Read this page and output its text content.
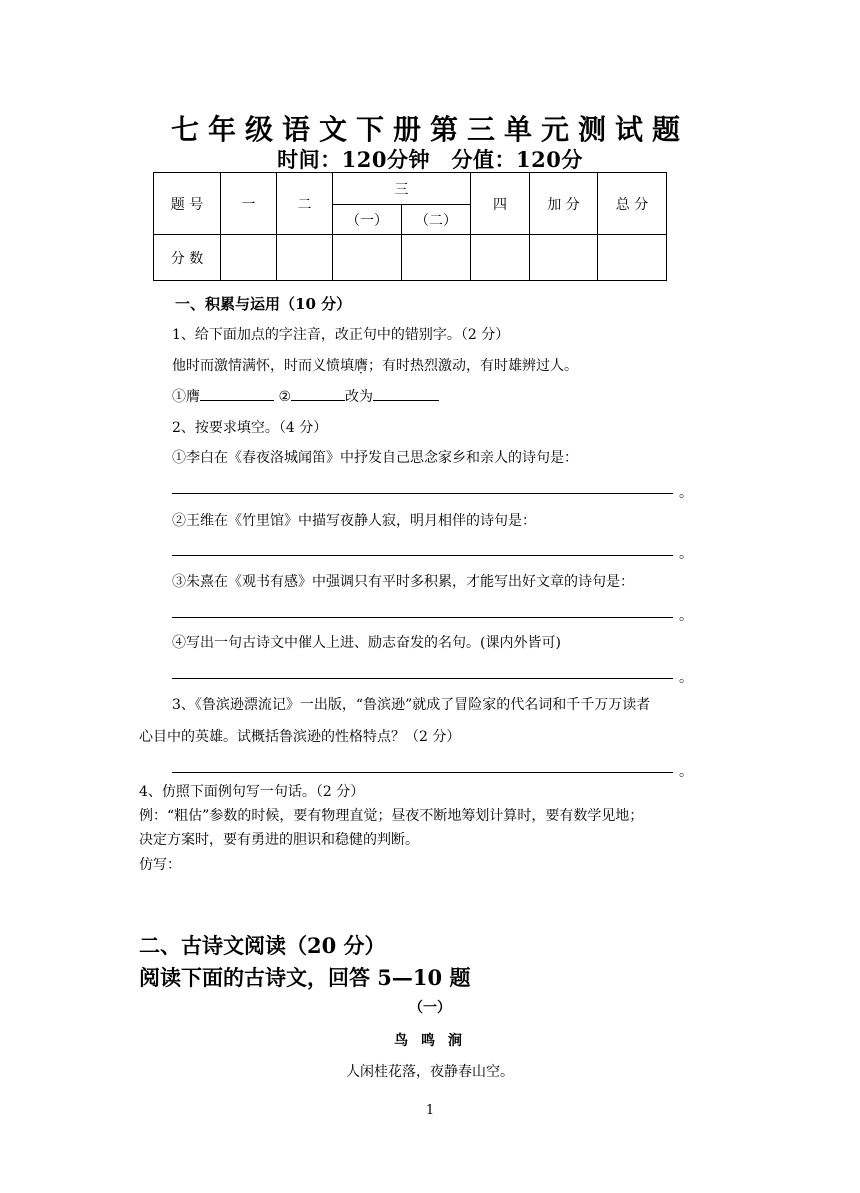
七年级语文下册第三单元测试题
时间：120分钟　分值：120分
题 号	一	二	三		四	加 分	总 分
			（一）	（二）			
分 数							
一、积累与运用（10 分）
1、给下面加点的字注音，改正句中的错别字。（2 分）
他时而激情满怀，时而义愤填膺；有时热烈激动，有时雄辨过人。
①膺	②	改为
2、按要求填空。（4 分）
①李白在《春夜洛城闻笛》中抒发自己思念家乡和亲人的诗句是：
。
②王维在《竹里馆》中描写夜静人寂，明月相伴的诗句是：
。
③朱熹在《观书有感》中强调只有平时多积累，才能写出好文章的诗句是：
。
④写出一句古诗文中催人上进、励志奋发的名句。(课内外皆可)
。
3、《鲁滨逊漂流记》一出版，“鲁滨逊”就成了冒险家的代名词和千千万万读者
心目中的英雄。试概括鲁滨逊的性格特点？（2 分）
。
4、仿照下面例句写一句话。（2 分）
例：“粗估”参数的时候，要有物理直觉；昼夜不断地筹划计算时，要有数学见地；
决定方案时，要有勇进的胆识和稳健的判断。
仿写：
二、古诗文阅读（20 分）
阅读下面的古诗文，回答 5—10 题
（一）
鸟 鸣 涧
人闲桂花落，夜静春山空。
1
